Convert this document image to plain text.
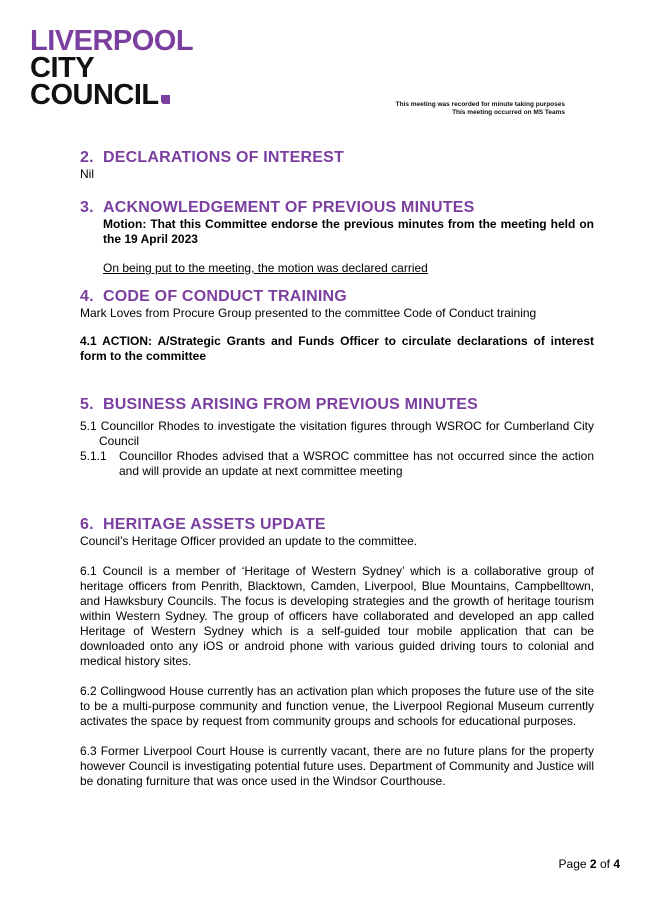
LIVERPOOL
CITY
COUNCIL	This meeting was recorded for minute taking purposes
This meeting occurred on MS Teams
2. DECLARATIONS OF INTEREST

Nil

3. ACKNOWLEDGEMENT OF PREVIOUS MINUTES

Motion: That this Committee endorse the previous minutes from the meeting held on the 19 April 2023

On being put to the meeting, the motion was declared carried

4. CODE OF CONDUCT TRAINING

Mark Loves from Procure Group presented to the committee Code of Conduct training

4.1 ACTION: A/Strategic Grants and Funds Officer to circulate declarations of interest form to the committee

5. BUSINESS ARISING FROM PREVIOUS MINUTES

5.1 Councillor Rhodes to investigate the visitation figures through WSROC for Cumberland City Council

5.1.1	Councillor Rhodes advised that a WSROC committee has not occurred since the action and will provide an update at next committee meeting
6. HERITAGE ASSETS UPDATE

Council’s Heritage Officer provided an update to the committee.

6.1 Council is a member of ‘Heritage of Western Sydney’ which is a collaborative group of heritage officers from Penrith, Blacktown, Camden, Liverpool, Blue Mountains, Campbelltown, and Hawksbury Councils. The focus is developing strategies and the growth of heritage tourism within Western Sydney. The group of officers have collaborated and developed an app called Heritage of Western Sydney which is a self-guided tour mobile application that can be downloaded onto any iOS or android phone with various guided driving tours to colonial and medical history sites.

6.2 Collingwood House currently has an activation plan which proposes the future use of the site to be a multi-purpose community and function venue, the Liverpool Regional Museum currently activates the space by request from community groups and schools for educational purposes.

6.3 Former Liverpool Court House is currently vacant, there are no future plans for the property however Council is investigating potential future uses. Department of Community and Justice will be donating furniture that was once used in the Windsor Courthouse.

Page 2 of 4
